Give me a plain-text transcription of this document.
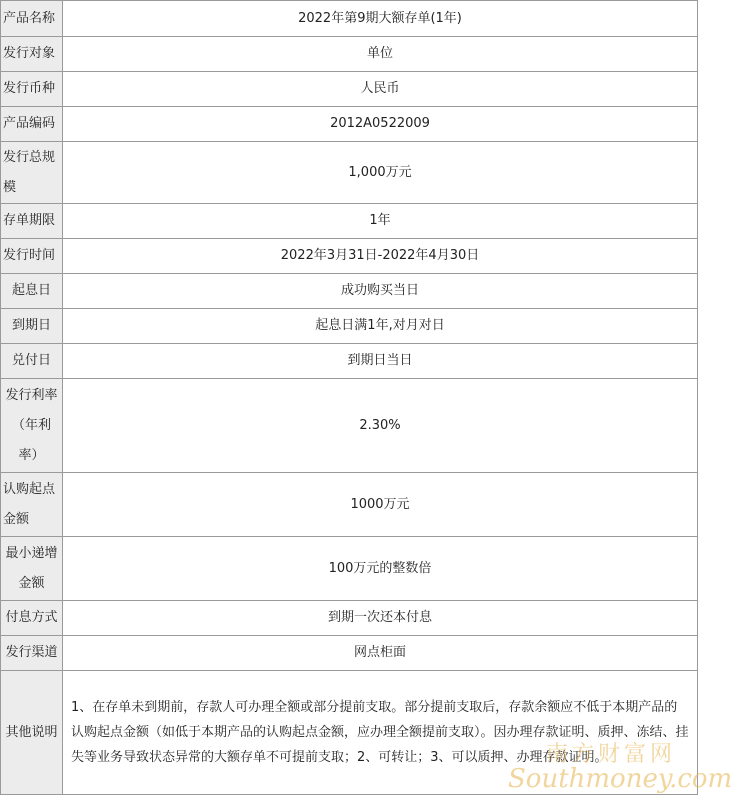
产品名称	2022年第9期大额存单(1年)
发行对象	单位
发行币种	人民币
产品编码	2012A0522009
发行总规模	1,000万元
存单期限	1年
发行时间	2022年3月31日-2022年4月30日
起息日	成功购买当日
到期日	起息日满1年,对月对日
兑付日	到期日当日
发行利率（年利率）	2.30%
认购起点金额	1000万元
最小递增金额	100万元的整数倍
付息方式	到期一次还本付息
发行渠道	网点柜面
其他说明	1、在存单未到期前，存款人可办理全额或部分提前支取。部分提前支取后，存款余额应不低于本期产品的认购起点金额（如低于本期产品的认购起点金额，应办理全额提前支取）。因办理存款证明、质押、冻结、挂失等业务导致状态异常的大额存单不可提前支取；2、可转让；3、可以质押、办理存款证明。
南方财富网
Southmoney.com
